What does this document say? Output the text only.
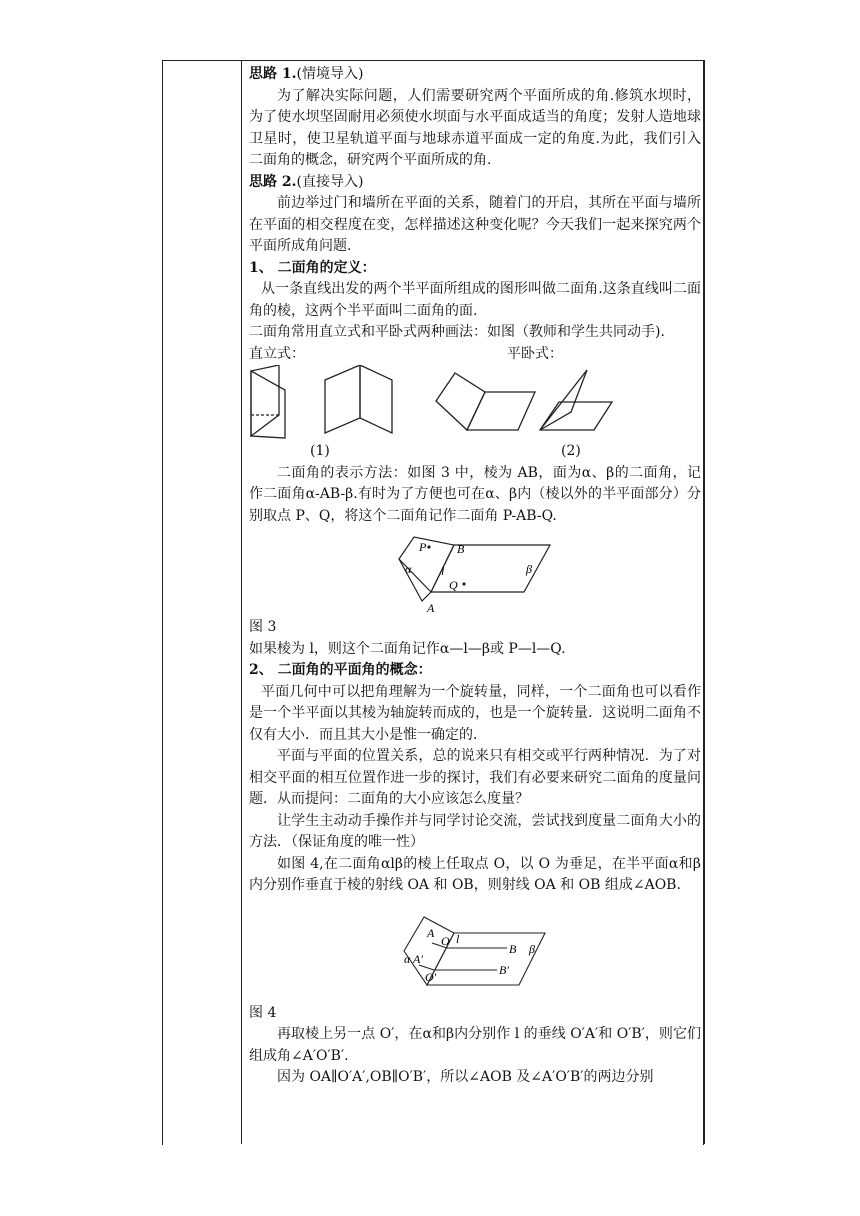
思路 1.(情境导入)

为了解决实际问题，人们需要研究两个平面所成的角.修筑水坝时，为了使水坝坚固耐用必须使水坝面与水平面成适当的角度；发射人造地球卫星时，使卫星轨道平面与地球赤道平面成一定的角度.为此，我们引入二面角的概念，研究两个平面所成的角.

思路 2.(直接导入)

前边举过门和墙所在平面的关系，随着门的开启，其所在平面与墙所在平面的相交程度在变，怎样描述这种变化呢？今天我们一起来探究两个平面所成角问题.

1、 二面角的定义：

从一条直线出发的两个半平面所组成的图形叫做二面角.这条直线叫二面角的棱，这两个半平面叫二面角的面.

二面角常用直立式和平卧式两种画法：如图（教师和学生共同动手).

直立式：	平卧式：

(1)	(2)

二面角的表示方法：如图 3 中，棱为 AB，面为α、β的二面角，记作二面角α-AB-β.有时为了方便也可在α、β内（棱以外的半平面部分）分别取点 P、Q，将这个二面角记作二面角 P-AB-Q.

P	B
α l	β
Q
A

图 3

如果棱为 l，则这个二面角记作α—l—β或 P—l—Q.

2、 二面角的平面角的概念：

平面几何中可以把角理解为一个旋转量，同样，一个二面角也可以看作是一个半平面以其棱为轴旋转而成的，也是一个旋转量．这说明二面角不仅有大小．而且其大小是惟一确定的．

平面与平面的位置关系，总的说来只有相交或平行两种情况．为了对相交平面的相互位置作进一步的探讨，我们有必要来研究二面角的度量问题．从而提问：二面角的大小应该怎么度量？

让学生主动动手操作并与同学讨论交流，尝试找到度量二面角大小的方法．（保证角度的唯一性）

如图 4,在二面角αlβ的棱上任取点 O，以 O 为垂足，在半平面α和β内分别作垂直于棱的射线 OA 和 OB，则射线 OA 和 OB 组成∠AOB.

A
O l
α A′
B β
O′	B′

图 4

再取棱上另一点 O′，在α和β内分别作 l 的垂线 O′A′和 O′B′，则它们组成角∠A′O′B′.

因为 OA∥O′A′,OB∥O′B′，所以∠AOB 及∠A′O′B′的两边分别
